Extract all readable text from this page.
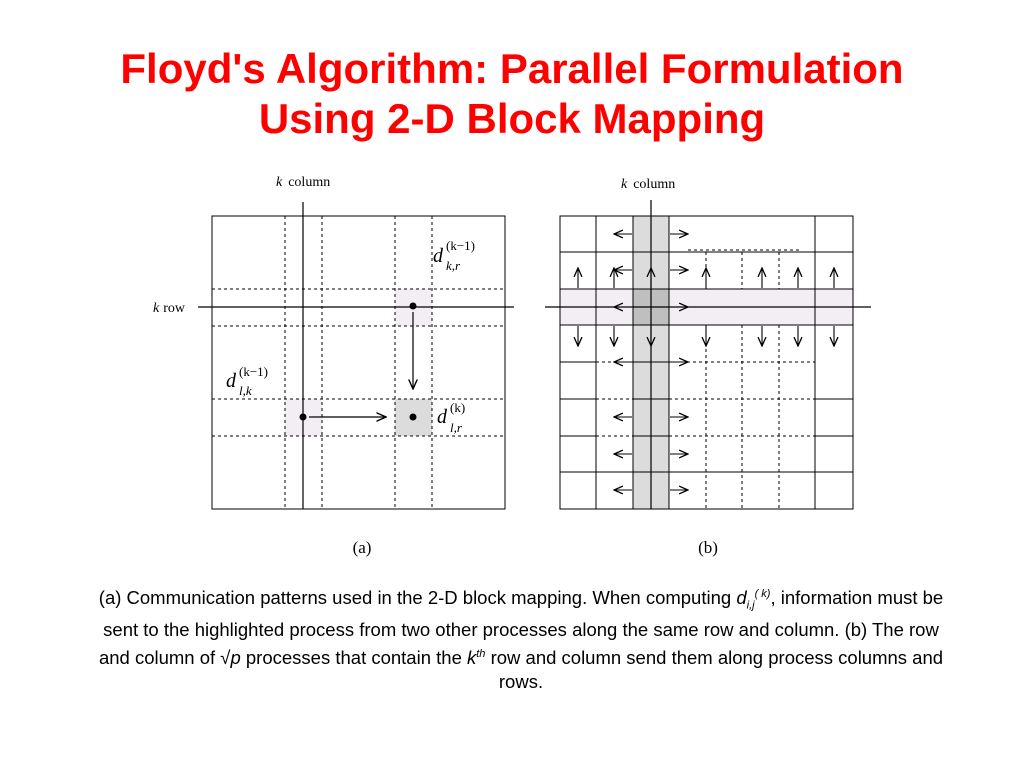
Floyd's Algorithm: Parallel Formulation
Using 2-D Block Mapping
k column
k row
d (k−1)
k,r
d (k−1)
l,k
d (k)
l,r
(a)
k column
(b)
(a) Communication patterns used in the 2-D block mapping. When computing $d_{i,j}^{( k)}$, information must be sent to the highlighted process from two other processes along the same row and column. (b) The row and column of √p processes that contain the $k^{th}$ row and column send them along process columns and rows.
